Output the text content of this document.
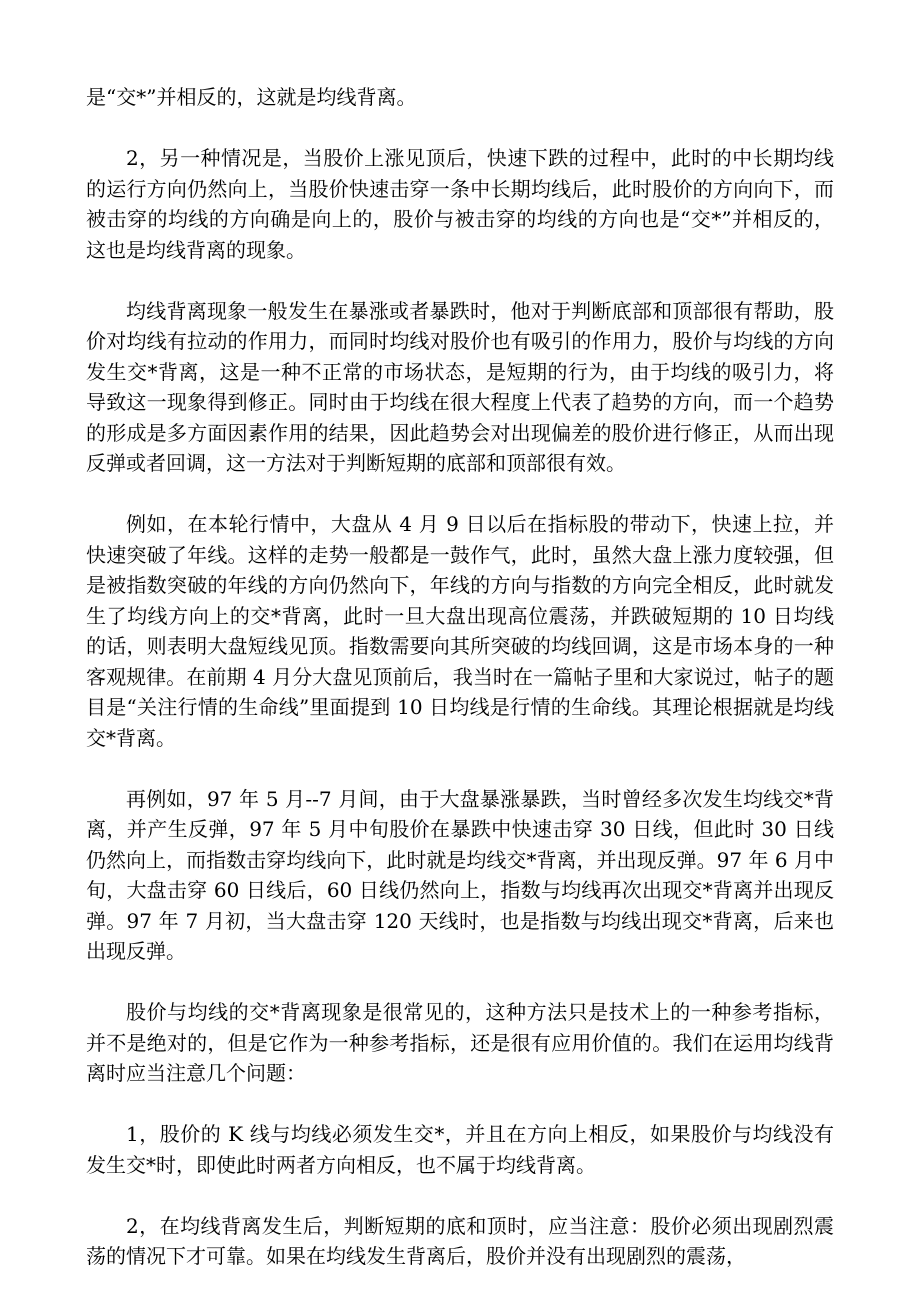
是“交*”并相反的，这就是均线背离。

2，另一种情况是，当股价上涨见顶后，快速下跌的过程中，此时的中长期均线的运行方向仍然向上，当股价快速击穿一条中长期均线后，此时股价的方向向下，而被击穿的均线的方向确是向上的，股价与被击穿的均线的方向也是“交*”并相反的，这也是均线背离的现象。

均线背离现象一般发生在暴涨或者暴跌时，他对于判断底部和顶部很有帮助，股价对均线有拉动的作用力，而同时均线对股价也有吸引的作用力，股价与均线的方向发生交*背离，这是一种不正常的市场状态，是短期的行为，由于均线的吸引力，将导致这一现象得到修正。同时由于均线在很大程度上代表了趋势的方向，而一个趋势的形成是多方面因素作用的结果，因此趋势会对出现偏差的股价进行修正，从而出现反弹或者回调，这一方法对于判断短期的底部和顶部很有效。

例如，在本轮行情中，大盘从 4 月 9 日以后在指标股的带动下，快速上拉，并快速突破了年线。这样的走势一般都是一鼓作气，此时，虽然大盘上涨力度较强，但是被指数突破的年线的方向仍然向下，年线的方向与指数的方向完全相反，此时就发生了均线方向上的交*背离，此时一旦大盘出现高位震荡，并跌破短期的 10 日均线的话，则表明大盘短线见顶。指数需要向其所突破的均线回调，这是市场本身的一种客观规律。在前期 4 月分大盘见顶前后，我当时在一篇帖子里和大家说过，帖子的题目是“关注行情的生命线”里面提到 10 日均线是行情的生命线。其理论根据就是均线交*背离。

再例如，97 年 5 月--7 月间，由于大盘暴涨暴跌，当时曾经多次发生均线交*背离，并产生反弹，97 年 5 月中旬股价在暴跌中快速击穿 30 日线，但此时 30 日线仍然向上，而指数击穿均线向下，此时就是均线交*背离，并出现反弹。97 年 6 月中旬，大盘击穿 60 日线后，60 日线仍然向上，指数与均线再次出现交*背离并出现反弹。97 年 7 月初，当大盘击穿 120 天线时，也是指数与均线出现交*背离，后来也出现反弹。

股价与均线的交*背离现象是很常见的，这种方法只是技术上的一种参考指标，并不是绝对的，但是它作为一种参考指标，还是很有应用价值的。我们在运用均线背离时应当注意几个问题：

1，股价的 K 线与均线必须发生交*，并且在方向上相反，如果股价与均线没有发生交*时，即使此时两者方向相反，也不属于均线背离。

2，在均线背离发生后，判断短期的底和顶时，应当注意：股价必须出现剧烈震荡的情况下才可靠。如果在均线发生背离后，股价并没有出现剧烈的震荡，
